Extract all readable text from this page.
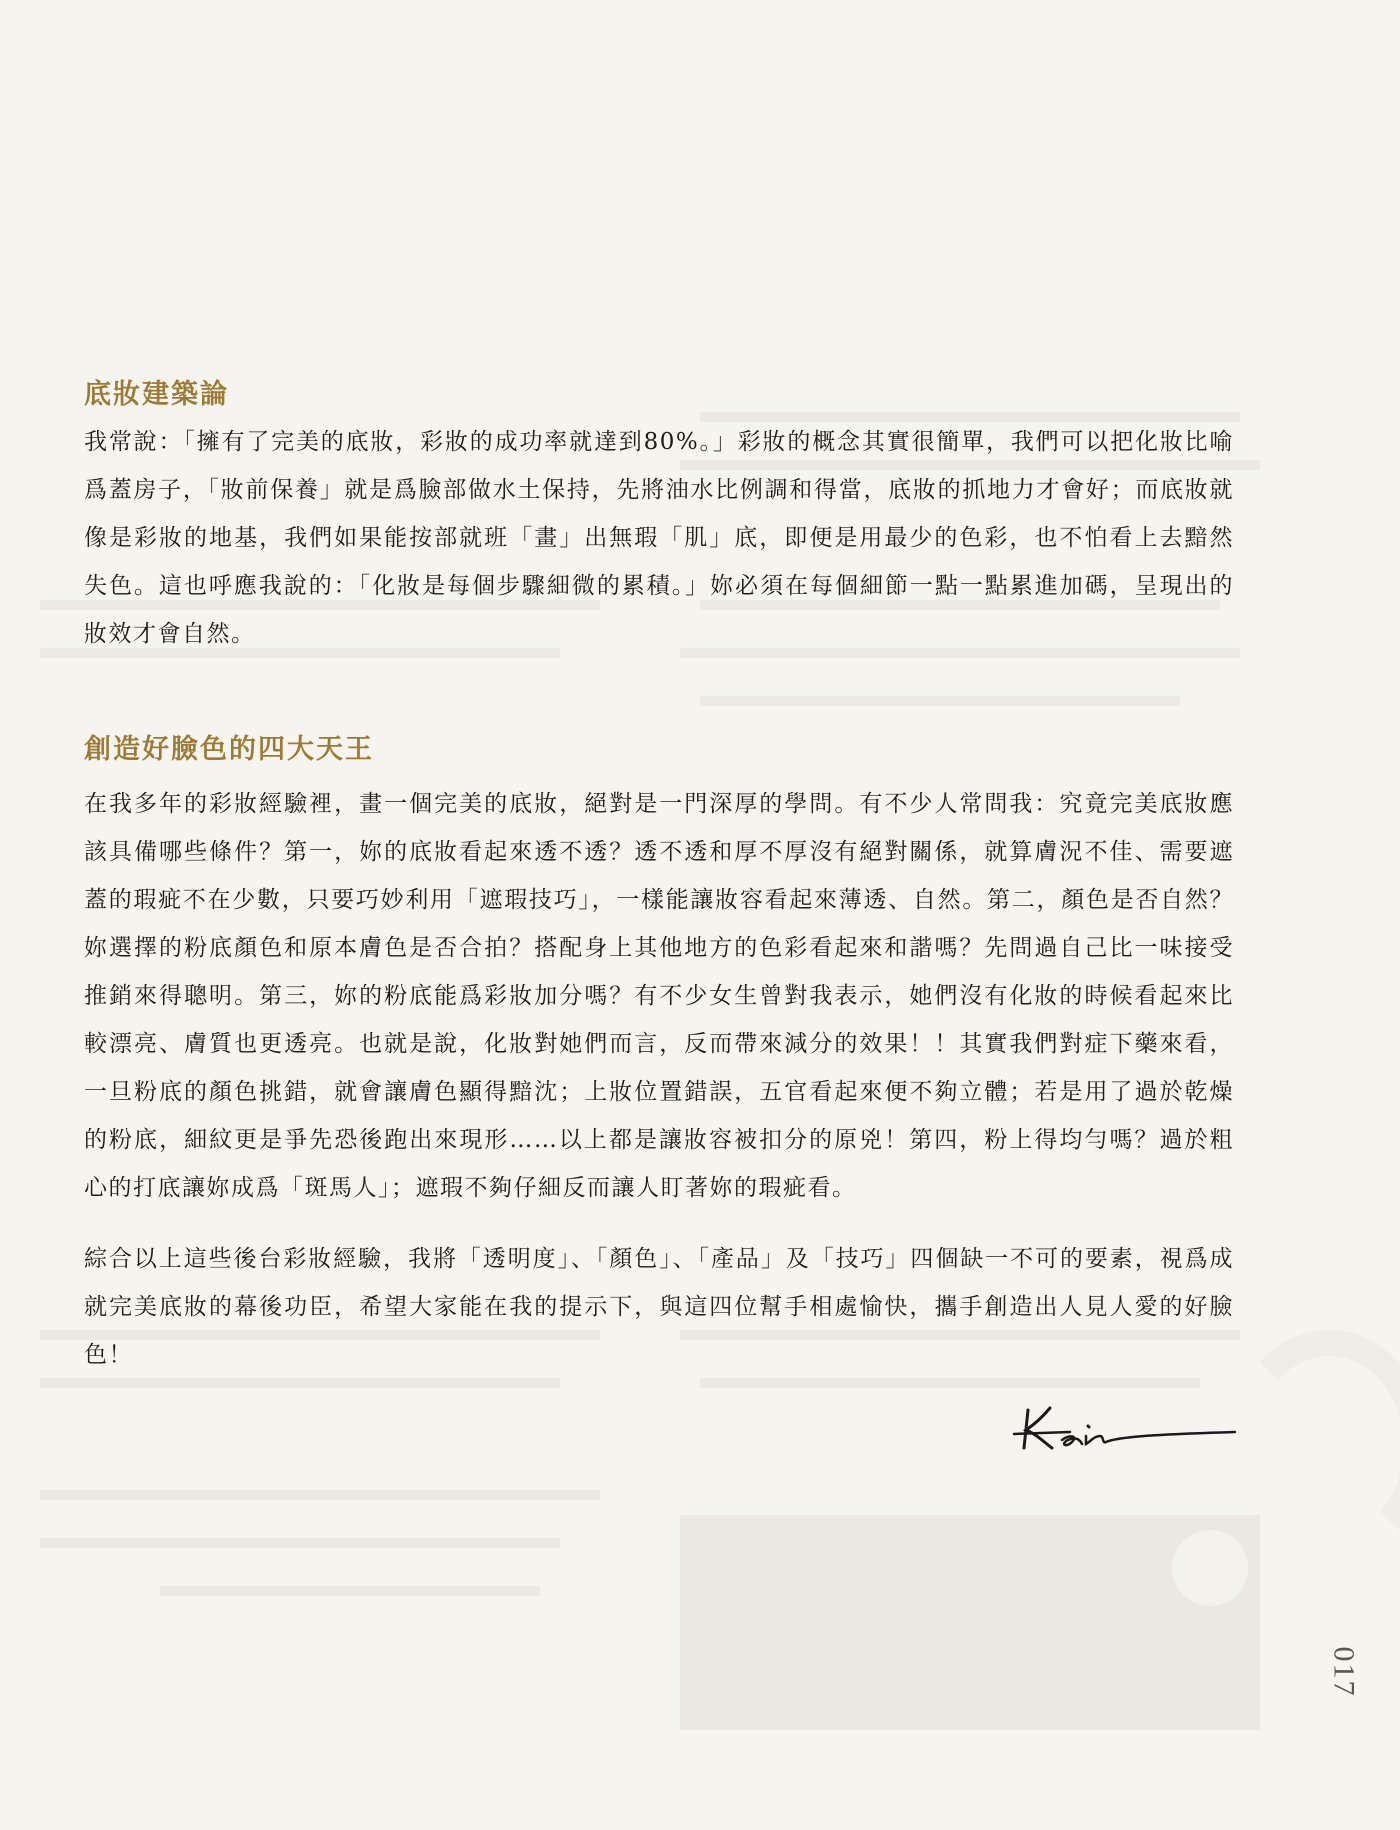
底妝建築論

我常說：「擁有了完美的底妝，彩妝的成功率就達到80%。」彩妝的概念其實很簡單，我們可以把化妝比喻爲蓋房子，「妝前保養」就是爲臉部做水土保持，先將油水比例調和得當，底妝的抓地力才會好；而底妝就像是彩妝的地基，我們如果能按部就班「畫」出無瑕「肌」底，即便是用最少的色彩，也不怕看上去黯然失色。這也呼應我說的：「化妝是每個步驟細微的累積。」妳必須在每個細節一點一點累進加碼，呈現出的妝效才會自然。

創造好臉色的四大天王

在我多年的彩妝經驗裡，畫一個完美的底妝，絕對是一門深厚的學問。有不少人常問我：究竟完美底妝應該具備哪些條件？第一，妳的底妝看起來透不透？透不透和厚不厚沒有絕對關係，就算膚況不佳、需要遮蓋的瑕疵不在少數，只要巧妙利用「遮瑕技巧」，一樣能讓妝容看起來薄透、自然。第二，顏色是否自然？妳選擇的粉底顏色和原本膚色是否合拍？搭配身上其他地方的色彩看起來和諧嗎？先問過自己比一味接受推銷來得聰明。第三，妳的粉底能爲彩妝加分嗎？有不少女生曾對我表示，她們沒有化妝的時候看起來比較漂亮、膚質也更透亮。也就是說，化妝對她們而言，反而帶來減分的效果！！其實我們對症下藥來看，一旦粉底的顏色挑錯，就會讓膚色顯得黯沈；上妝位置錯誤，五官看起來便不夠立體；若是用了過於乾燥的粉底，細紋更是爭先恐後跑出來現形……以上都是讓妝容被扣分的原兇！第四，粉上得均勻嗎？過於粗心的打底讓妳成爲「斑馬人」；遮瑕不夠仔細反而讓人盯著妳的瑕疵看。

綜合以上這些後台彩妝經驗，我將「透明度」、「顏色」、「產品」及「技巧」四個缺一不可的要素，視爲成就完美底妝的幕後功臣，希望大家能在我的提示下，與這四位幫手相處愉快，攜手創造出人見人愛的好臉色！

017
